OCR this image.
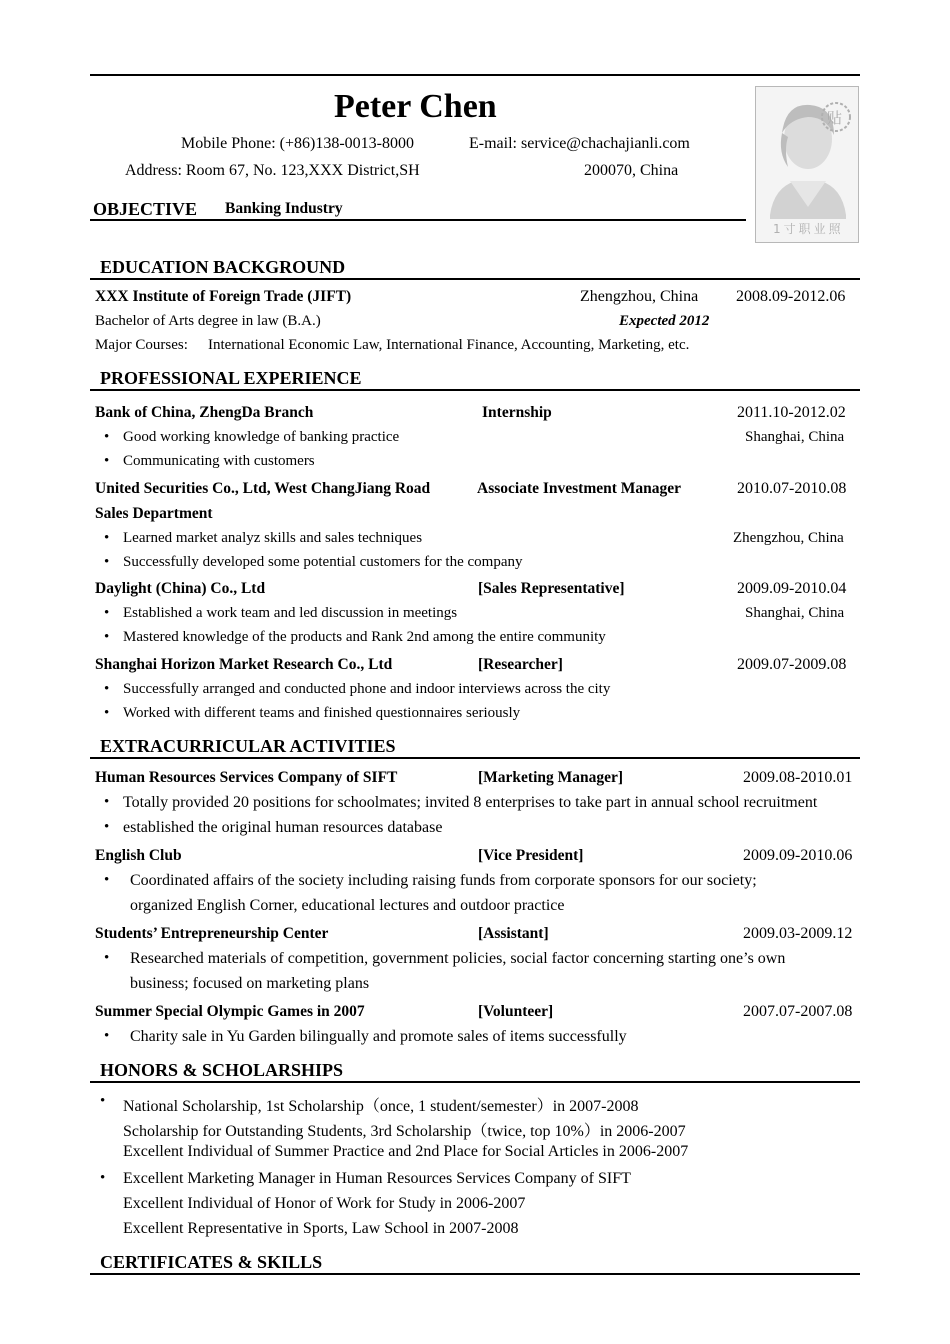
Peter Chen
Mobile Phone: (+86)138-0013-8000	E-mail: service@chachajianli.com
Address: Room 67, No. 123,XXX District,SH	200070, China
OBJECTIVE Banking Industry
贴
1寸职业照
EDUCATION BACKGROUND
XXX Institute of Foreign Trade (JIFT)	Zhengzhou, China 2008.09-2012.06
Bachelor of Arts degree in law (B.A.)	Expected 2012
Major Courses: International Economic Law, International Finance, Accounting, Marketing, etc.
PROFESSIONAL EXPERIENCE
Bank of China, ZhengDa Branch	Internship	2011.10-2012.02
• Good working knowledge of banking practice	Shanghai, China
• Communicating with customers
United Securities Co., Ltd, West ChangJiang Road	Associate Investment Manager	2010.07-2010.08
Sales Department
• Learned market analyz skills and sales techniques	Zhengzhou, China
• Successfully developed some potential customers for the company
Daylight (China) Co., Ltd	[Sales Representative]	2009.09-2010.04
• Established a work team and led discussion in meetings	Shanghai, China
• Mastered knowledge of the products and Rank 2nd among the entire community
Shanghai Horizon Market Research Co., Ltd	[Researcher]	2009.07-2009.08
• Successfully arranged and conducted phone and indoor interviews across the city
• Worked with different teams and finished questionnaires seriously
EXTRACURRICULAR ACTIVITIES
Human Resources Services Company of SIFT	[Marketing Manager]	2009.08-2010.01
• Totally provided 20 positions for schoolmates; invited 8 enterprises to take part in annual school recruitment
• established the original human resources database
English Club	[Vice President]	2009.09-2010.06
• Coordinated affairs of the society including raising funds from corporate sponsors for our society;
organized English Corner, educational lectures and outdoor practice
Students’ Entrepreneurship Center	[Assistant]	2009.03-2009.12
• Researched materials of competition, government policies, social factor concerning starting one’s own
business; focused on marketing plans
Summer Special Olympic Games in 2007	[Volunteer]	2007.07-2007.08
• Charity sale in Yu Garden bilingually and promote sales of items successfully
HONORS & SCHOLARSHIPS
• National Scholarship, 1st Scholarship（once, 1 student/semester）in 2007-2008
Scholarship for Outstanding Students, 3rd Scholarship（twice, top 10%）in 2006-2007
Excellent Individual of Summer Practice and 2nd Place for Social Articles in 2006-2007
• Excellent Marketing Manager in Human Resources Services Company of SIFT
Excellent Individual of Honor of Work for Study in 2006-2007
Excellent Representative in Sports, Law School in 2007-2008
CERTIFICATES & SKILLS
